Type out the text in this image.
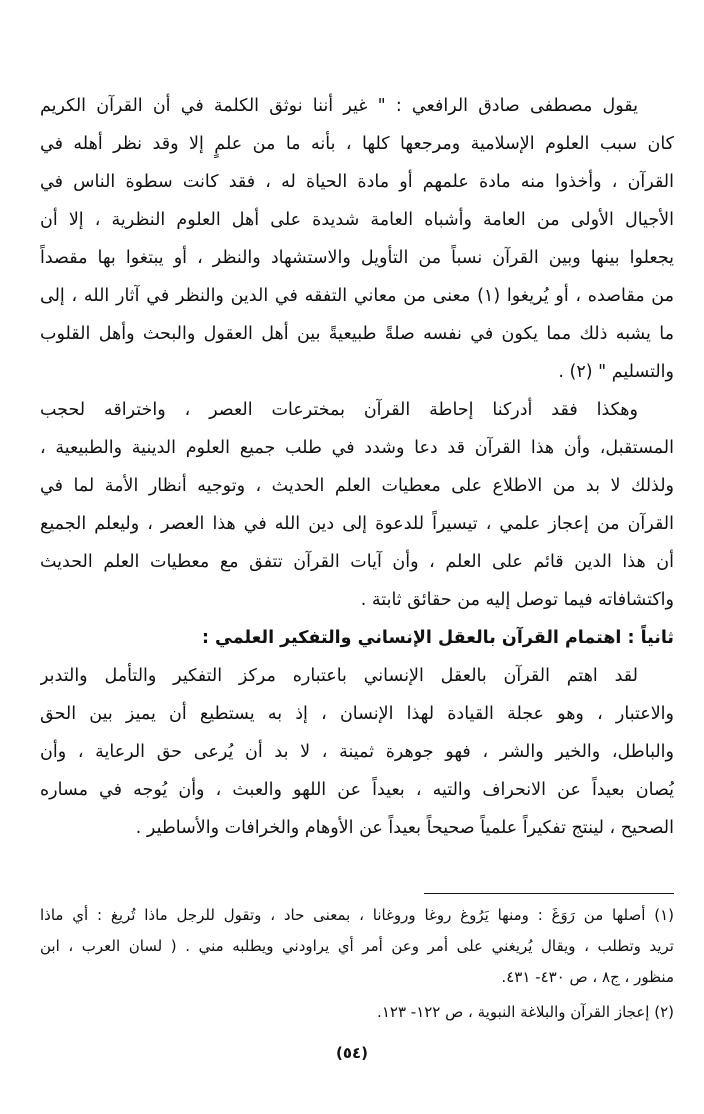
يقول مصطفى صادق الرافعي : " غير أننا نوثق الكلمة في أن القرآن الكريم
كان سبب العلوم الإسلامية ومرجعها كلها ، بأنه ما من علمٍ إلا وقد نظر أهله في
القرآن ، وأخذوا منه مادة علمهم أو مادة الحياة له ، فقد كانت سطوة الناس في
الأجيال الأولى من العامة وأشباه العامة شديدة على أهل العلوم النظرية ، إلا أن
يجعلوا بينها وبين القرآن نسباً من التأويل والاستشهاد والنظر ، أو يبتغوا بها مقصداً
من مقاصده ، أو يُريغوا (١) معنى من معاني التفقه في الدين والنظر في آثار الله ، إلى
ما يشبه ذلك مما يكون في نفسه صلةً طبيعيةً بين أهل العقول والبحث وأهل القلوب
والتسليم " (٢) .
وهكذا فقد أدركنا إحاطة القرآن بمخترعات العصر ، واختراقه لحجب
المستقبل، وأن هذا القرآن قد دعا وشدد في طلب جميع العلوم الدينية والطبيعية ،
ولذلك لا بد من الاطلاع على معطيات العلم الحديث ، وتوجيه أنظار الأمة لما في
القرآن من إعجاز علمي ، تيسيراً للدعوة إلى دين الله في هذا العصر ، وليعلم الجميع
أن هذا الدين قائم على العلم ، وأن آيات القرآن تتفق مع معطيات العلم الحديث
واكتشافاته فيما توصل إليه من حقائق ثابتة .
ثانياً : اهتمام القرآن بالعقل الإنساني والتفكير العلمي :
لقد اهتم القرآن بالعقل الإنساني باعتباره مركز التفكير والتأمل والتدبر
والاعتبار ، وهو عجلة القيادة لهذا الإنسان ، إذ به يستطيع أن يميز بين الحق
والباطل، والخير والشر ، فهو جوهرة ثمينة ، لا بد أن يُرعى حق الرعاية ، وأن
يُصان بعيداً عن الانحراف والتيه ، بعيداً عن اللهو والعبث ، وأن يُوجه في مساره
الصحيح ، لينتج تفكيراً علمياً صحيحاً بعيداً عن الأوهام والخرافات والأساطير .
(١) أصلها من رَوَغَ : ومنها يَرُوغ روغا وروغانا ، بمعنى حاد ، وتقول للرجل ماذا تُريغ : أي ماذا
تريد وتطلب ، ويقال يُريغني على أمر وعن أمر أي يراودني ويطلبه مني . ( لسان العرب ، ابن
منظور ، ج٨ ، ص ٤٣٠- ٤٣١.
(٢) إعجاز القرآن والبلاغة النبوية ، ص ١٢٢- ١٢٣.
(٥٤)
